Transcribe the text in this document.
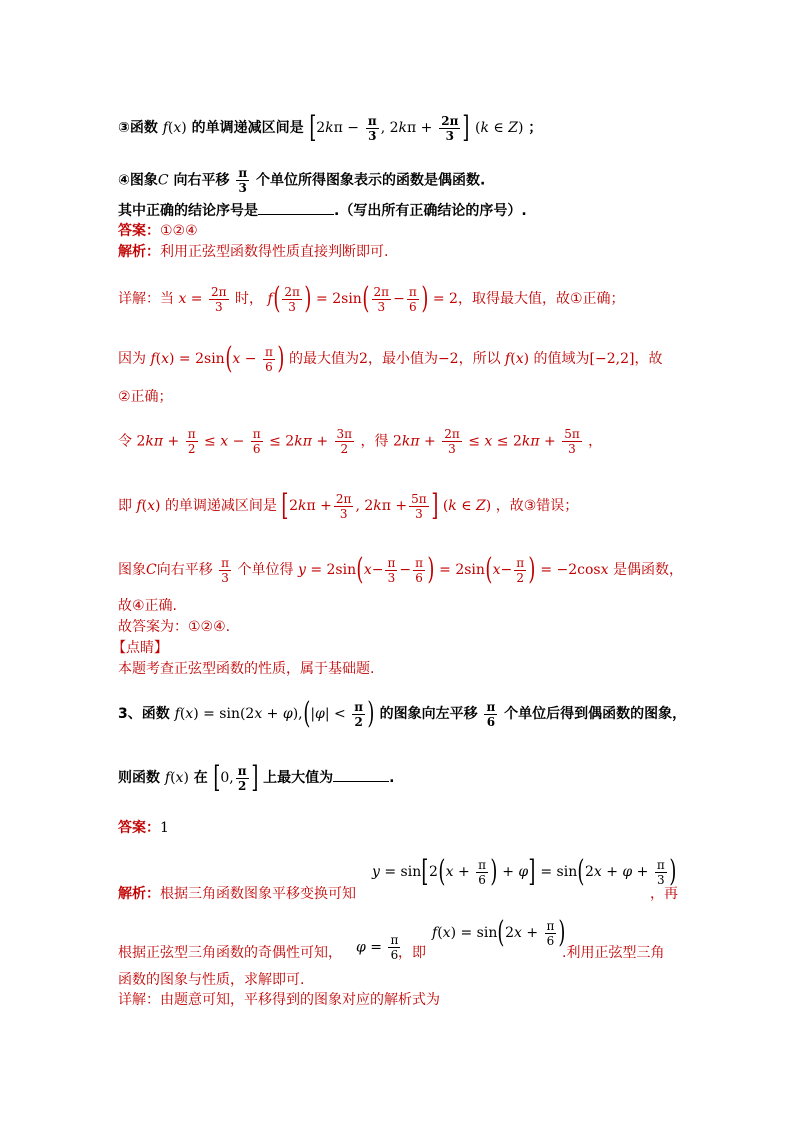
③函数 f(x) 的单调递减区间是 [$2k\pi - \frac{\pi}{3}$ , $2k\pi + \frac{2\pi}{3}$ ] (k ∈ Z) ；
④图象C 向右平移 $\frac{\pi}{3}$ 个单位所得图象表示的函数是偶函数.
其中正确的结论序号是	.（写出所有正确结论的序号）.
答案：①②④
解析：利用正弦型函数得性质直接判断即可.
详解：当 $x = \frac{2\pi}{3}$ 时， $f( \frac{2\pi}{3}$ ) = $2\sin( \frac{2\pi}{3} - \frac{\pi}{6}$ ) = 2，取得最大值，故①正确；
因为 $f(x) = 2\sin(x - \frac{\pi}{6}$ ) 的最大值为2，最小值为−2，所以 f(x) 的值域为[−2,2]，故
②正确；
令 $2k\pi + \frac{\pi}{2} \le x - \frac{\pi}{6} \le 2k\pi + \frac{3\pi}{2}$ ，得 $2k\pi + \frac{2\pi}{3} \le x \le 2k\pi + \frac{5\pi}{3}$ ，
即 f(x) 的单调递减区间是 [$2k\pi + \frac{2\pi}{3}$ , $2k\pi + \frac{5\pi}{3}$ ] (k ∈ Z) ，故③错误；
图象C向右平移 $\frac{\pi}{3}$ 个单位得 $y = 2\sin(x- \frac{\pi}{3} - \frac{\pi}{6}$ ) = $2\sin(x- \frac{\pi}{2}$ ) = −2cosx 是偶函数，
故④正确.
故答案为：①②④.
【点睛】
本题考查正弦型函数的性质，属于基础题.
3、函数 $f(x) = \sin(2x + \varphi),(|\varphi| < \frac{\pi}{2}$ ) 的图象向左平移 $\frac{\pi}{6}$ 个单位后得到偶函数的图象，
则函数 f(x) 在 [0, $\frac{\pi}{2}$ ] 上最大值为	.
答案：1
$y = \sin[2(x + \frac{\pi}{6}$ ) + $\varphi] = \sin(2x + \varphi + \frac{\pi}{3}$ )
解析：根据三角函数图象平移变换可知	，再
根据正弦型三角函数的奇偶性可知， $\varphi = \frac{\pi}{6}$
，即
$f(x) = \sin(2x + \frac{\pi}{6}$ )
.利用正弦型三角
函数的图象与性质，求解即可.
详解：由题意可知，平移得到的图象对应的解析式为
